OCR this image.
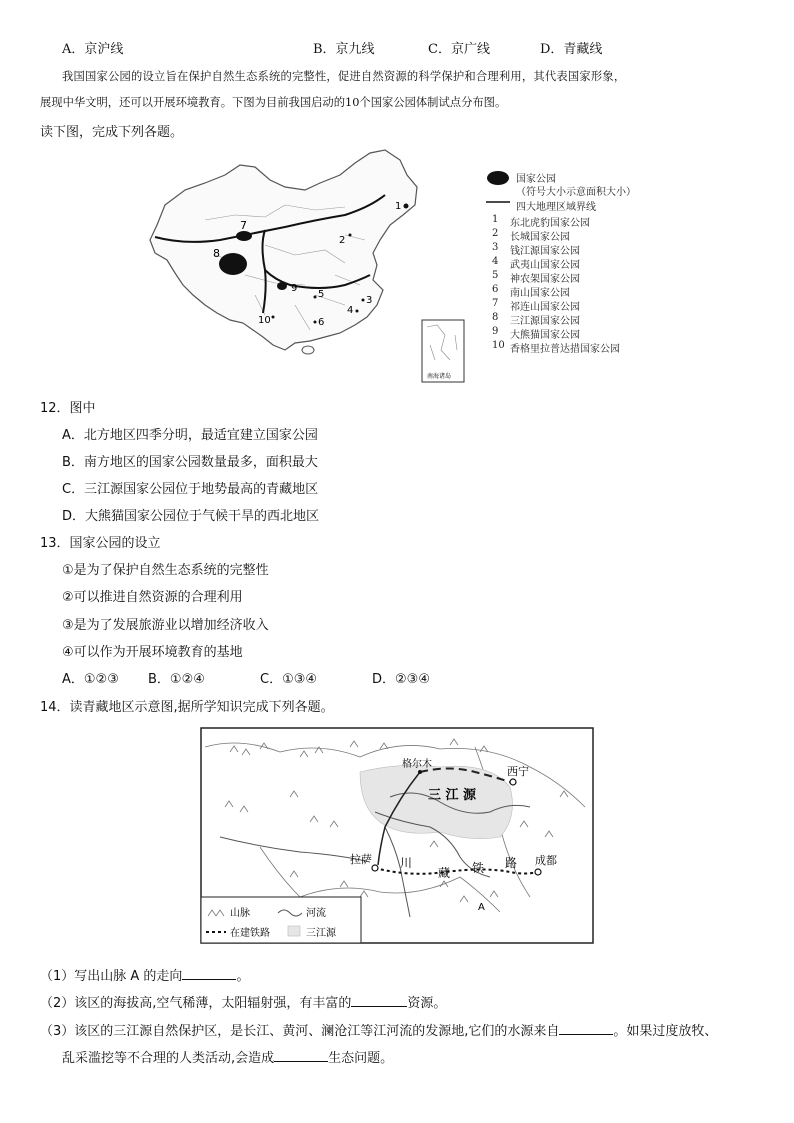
A．京沪线	B．京九线	C．京广线	D．青藏线
我国国家公园的设立旨在保护自然生态系统的完整性，促进自然资源的科学保护和合理利用，其代表国家形象，
展现中华文明，还可以开展环境教育。下图为目前我国启动的10个国家公园体制试点分布图。
读下图，完成下列各题。
1
2
3
4
5
6
7
8
9
10
南海诸岛
国家公园
（符号大小示意面积大小）
四大地理区域界线
1 东北虎豹国家公园
2 长城国家公园
3 钱江源国家公园
4 武夷山国家公园
5 神农架国家公园
6 南山国家公园
7 祁连山国家公园
8 三江源国家公园
9 大熊猫国家公园
10 香格里拉普达措国家公园
12．图中
A．北方地区四季分明，最适宜建立国家公园
B．南方地区的国家公园数量最多，面积最大
C．三江源国家公园位于地势最高的青藏地区
D．大熊猫国家公园位于气候干旱的西北地区
13．国家公园的设立
①是为了保护自然生态系统的完整性
②可以推进自然资源的合理利用
③是为了发展旅游业以增加经济收入
④可以作为开展环境教育的基地
A．①②③ B．①②④	C．①③④	D．②③④
14．读青藏地区示意图,据所学知识完成下列各题。
格尔木
西宁
三 江 源
拉萨	成都
川
藏 铁 路
A
山脉	河流
在建铁路	三江源
（1）写出山脉 A 的走向	。
（2）该区的海拔高,空气稀薄，太阳辐射强，有丰富的	资源。
（3）该区的三江源自然保护区，是长江、黄河、澜沧江等江河流的发源地,它们的水源来自	。如果过度放牧、
乱采滥挖等不合理的人类活动,会造成	生态问题。
